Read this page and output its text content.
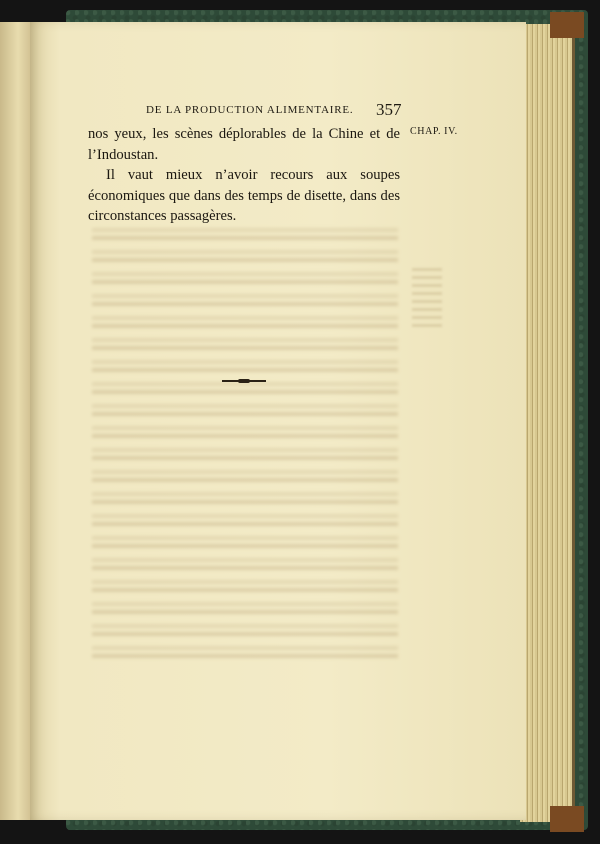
DE LA PRODUCTION ALIMENTAIRE. 357
CHAP. IV.

nos yeux, les scènes déplorables de la Chine et de l’Indoustan.

Il vaut mieux n’avoir recours aux soupes économiques que dans des temps de disette, dans des circonstances passagères.
